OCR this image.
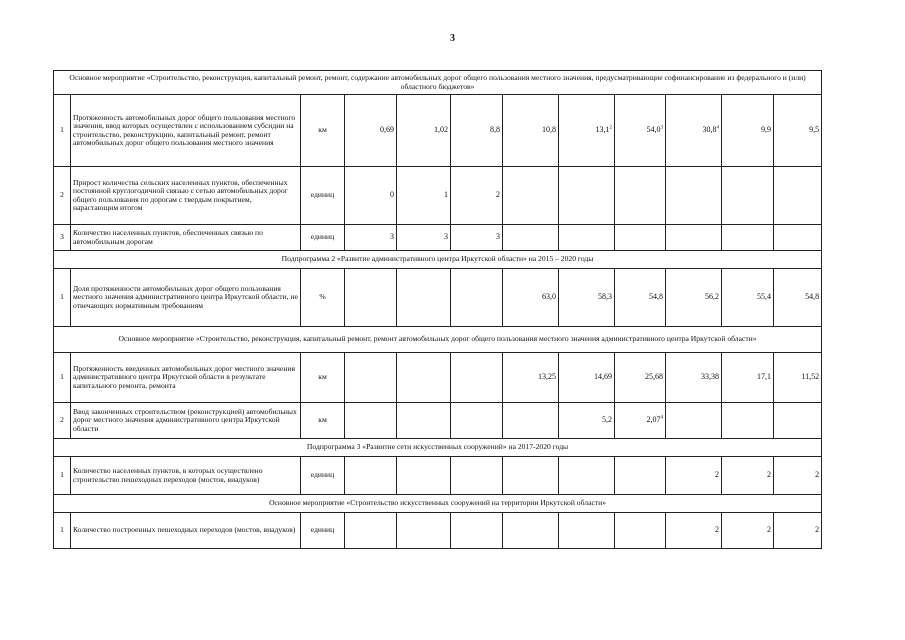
3
Основное мероприятие «Строительство, реконструкция, капитальный ремонт, ремонт, содержание автомобильных дорог общего пользования местного значения, предусматривающие софинансирование из федерального и (или) областного бюджетов»											
1	Протяженность автомобильных дорог общего пользования местного значения, ввод которых осуществлен с использованием субсидии на строительство, реконструкцию, капитальный ремонт, ремонт автомобильных дорог общего пользования местного значения	км	0,69	1,02	8,8	10,8	13,1$^2$	54,0$^3$	30,8$^4$	9,9	9,5
2	Прирост количества сельских населенных пунктов, обеспеченных постоянной круглогодичной связью с сетью автомобильных дорог общего пользования по дорогам с твердым покрытием, нарастающим итогом	единиц	0	1	2						
3	Количество населенных пунктов, обеспеченных связью по автомобильным дорогам	единиц	3	3	3						
Подпрограмма 2 «Развитие административного центра Иркутской области» на 2015 – 2020 годы											
1	Доля протяженности автомобильных дорог общего пользования местного значения административного центра Иркутской области, не отвечающих нормативным требованиям	%				63,0	58,3	54,8	56,2	55,4	54,8
Основное мероприятие «Строительство, реконструкция, капитальный ремонт, ремонт автомобильных дорог общего пользования местного значения административного центра Иркутской области»											
1	Протяженность введенных автомобильных дорог местного значения административного центра Иркутской области в результате капитального ремонта, ремонта	км				13,25	14,69	25,68	33,38	17,1	11,52
2	Ввод законченных строительством (реконструкцией) автомобильных дорог местного значения административного центра Иркутской области	км					5,2	2,07$^4$			
Подпрограмма 3 «Развитие сети искусственных сооружений» на 2017-2020 годы											
1	Количество населенных пунктов, в которых осуществлено строительство пешеходных переходов (мостов, виадуков)	единиц							2	2	2
Основное мероприятие «Строительство искусственных сооружений на территории Иркутской области»											
1	Количество построенных пешеходных переходов (мостов, виадуков)	единиц							2	2	2
